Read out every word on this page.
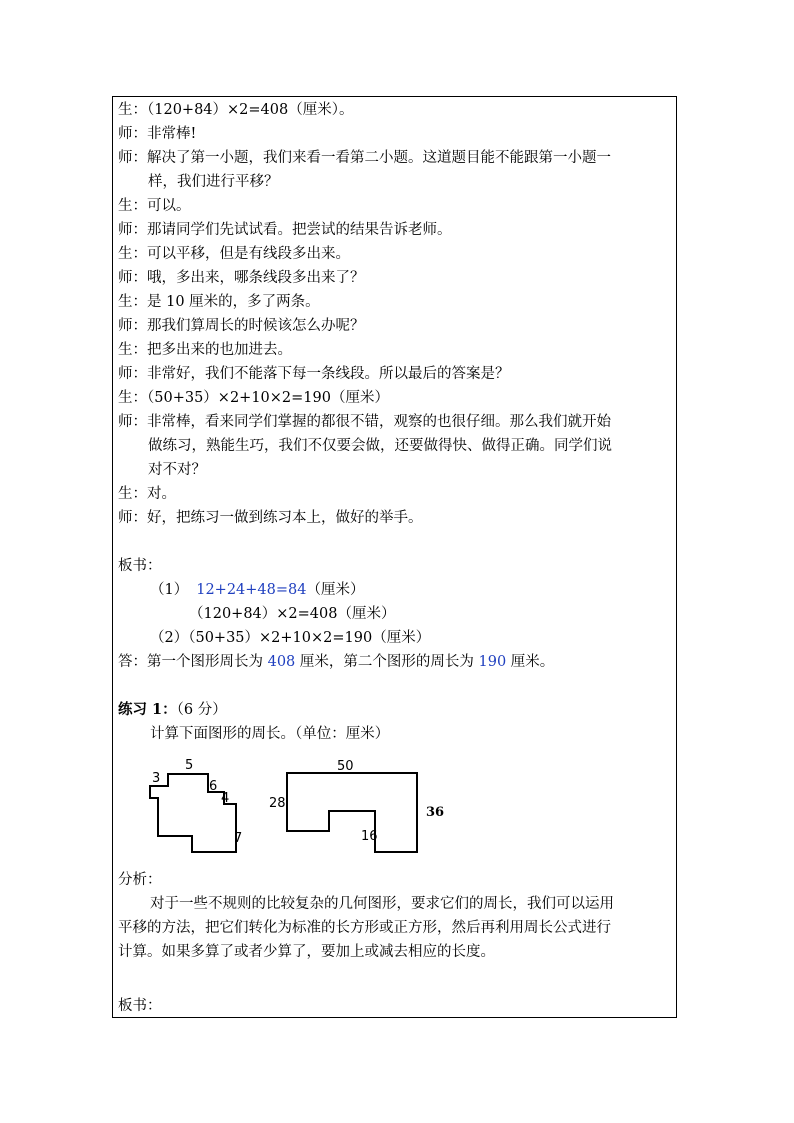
生：（120+84）×2=408（厘米）。
师：非常棒!
师：解决了第一小题，我们来看一看第二小题。这道题目能不能跟第一小题一
样，我们进行平移？
生：可以。
师：那请同学们先试试看。把尝试的结果告诉老师。
生：可以平移，但是有线段多出来。
师：哦，多出来，哪条线段多出来了？
生：是 10 厘米的，多了两条。
师：那我们算周长的时候该怎么办呢？
生：把多出来的也加进去。
师：非常好，我们不能落下每一条线段。所以最后的答案是？
生：（50+35）×2+10×2=190（厘米）
师：非常棒，看来同学们掌握的都很不错，观察的也很仔细。那么我们就开始
做练习，熟能生巧，我们不仅要会做，还要做得快、做得正确。同学们说
对不对？
生：对。
师：好，把练习一做到练习本上，做好的举手。
板书：
（1） 12+24+48=84（厘米）
（120+84）×2=408（厘米）
（2）（50+35）×2+10×2=190（厘米）
答：第一个图形周长为 408 厘米，第二个图形的周长为 190 厘米。
练习 1：（6 分）
计算下面图形的周长。（单位：厘米）
3
5
6
4
7
50
28
16
36
分析：
对于一些不规则的比较复杂的几何图形，要求它们的周长，我们可以运用
平移的方法，把它们转化为标准的长方形或正方形，然后再利用周长公式进行
计算。如果多算了或者少算了，要加上或减去相应的长度。
板书：
